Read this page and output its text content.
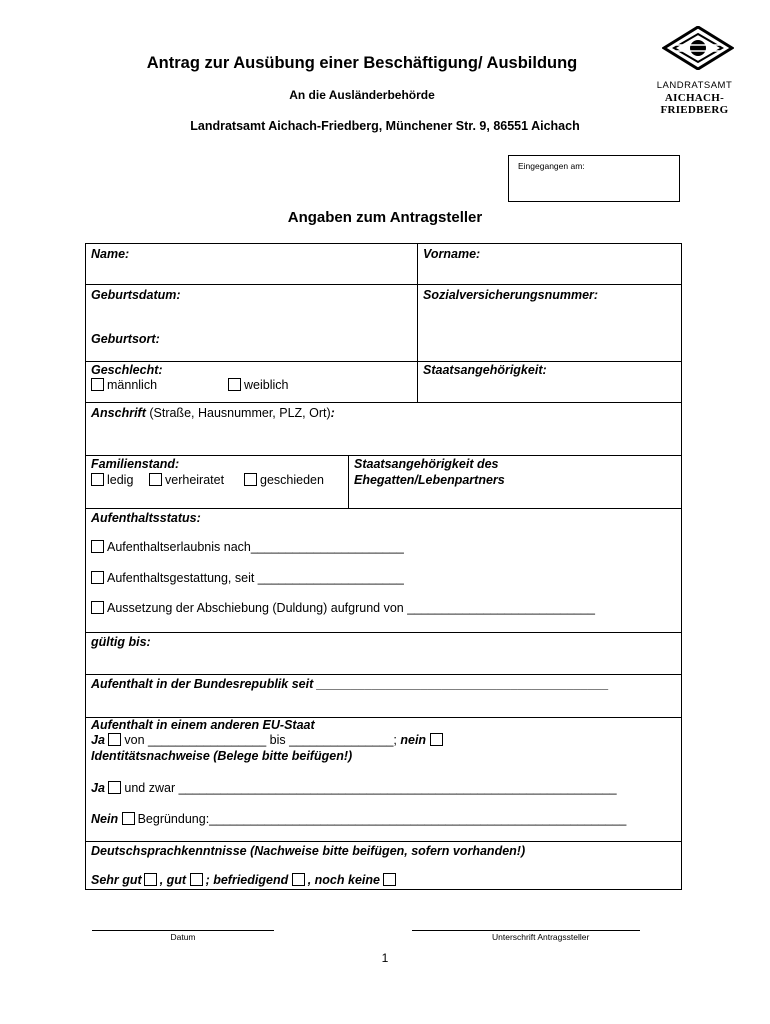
Antrag zur Ausübung einer Beschäftigung/ Ausbildung
An die Ausländerbehörde
Landratsamt Aichach-Friedberg, Münchener Str. 9, 86551 Aichach
LANDRATSAMT
AICHACH-FRIEDBERG
Eingegangen am:
Angaben zum Antragsteller
Name:	Vorname:
Geburtsdatum:
Geburtsort:
Sozialversicherungsnummer:
Geschlecht:
männlich	weiblich
Staatsangehörigkeit:
Anschrift (Straße, Hausnummer, PLZ, Ort):
Familienstand:
ledig	verheiratet	geschieden
Staatsangehörigkeit des
Ehegatten/Lebenpartners
Aufenthaltsstatus:
Aufenthaltserlaubnis nach______________________
Aufenthaltsgestattung, seit _____________________
Aussetzung der Abschiebung (Duldung) aufgrund von ___________________________
gültig bis:
Aufenthalt in der Bundesrepublik seit __________________________________________
Aufenthalt in einem anderen EU-Staat
Ja von _________________ bis _______________; nein
Identitätsnachweise (Belege bitte beifügen!)
Ja und zwar _______________________________________________________________
Nein Begründung:____________________________________________________________
Deutschsprachkenntnisse (Nachweise bitte beifügen, sofern vorhanden!)
Sehr gut , gut ; befriedigend , noch keine
Datum	Unterschrift Antragssteller
1
